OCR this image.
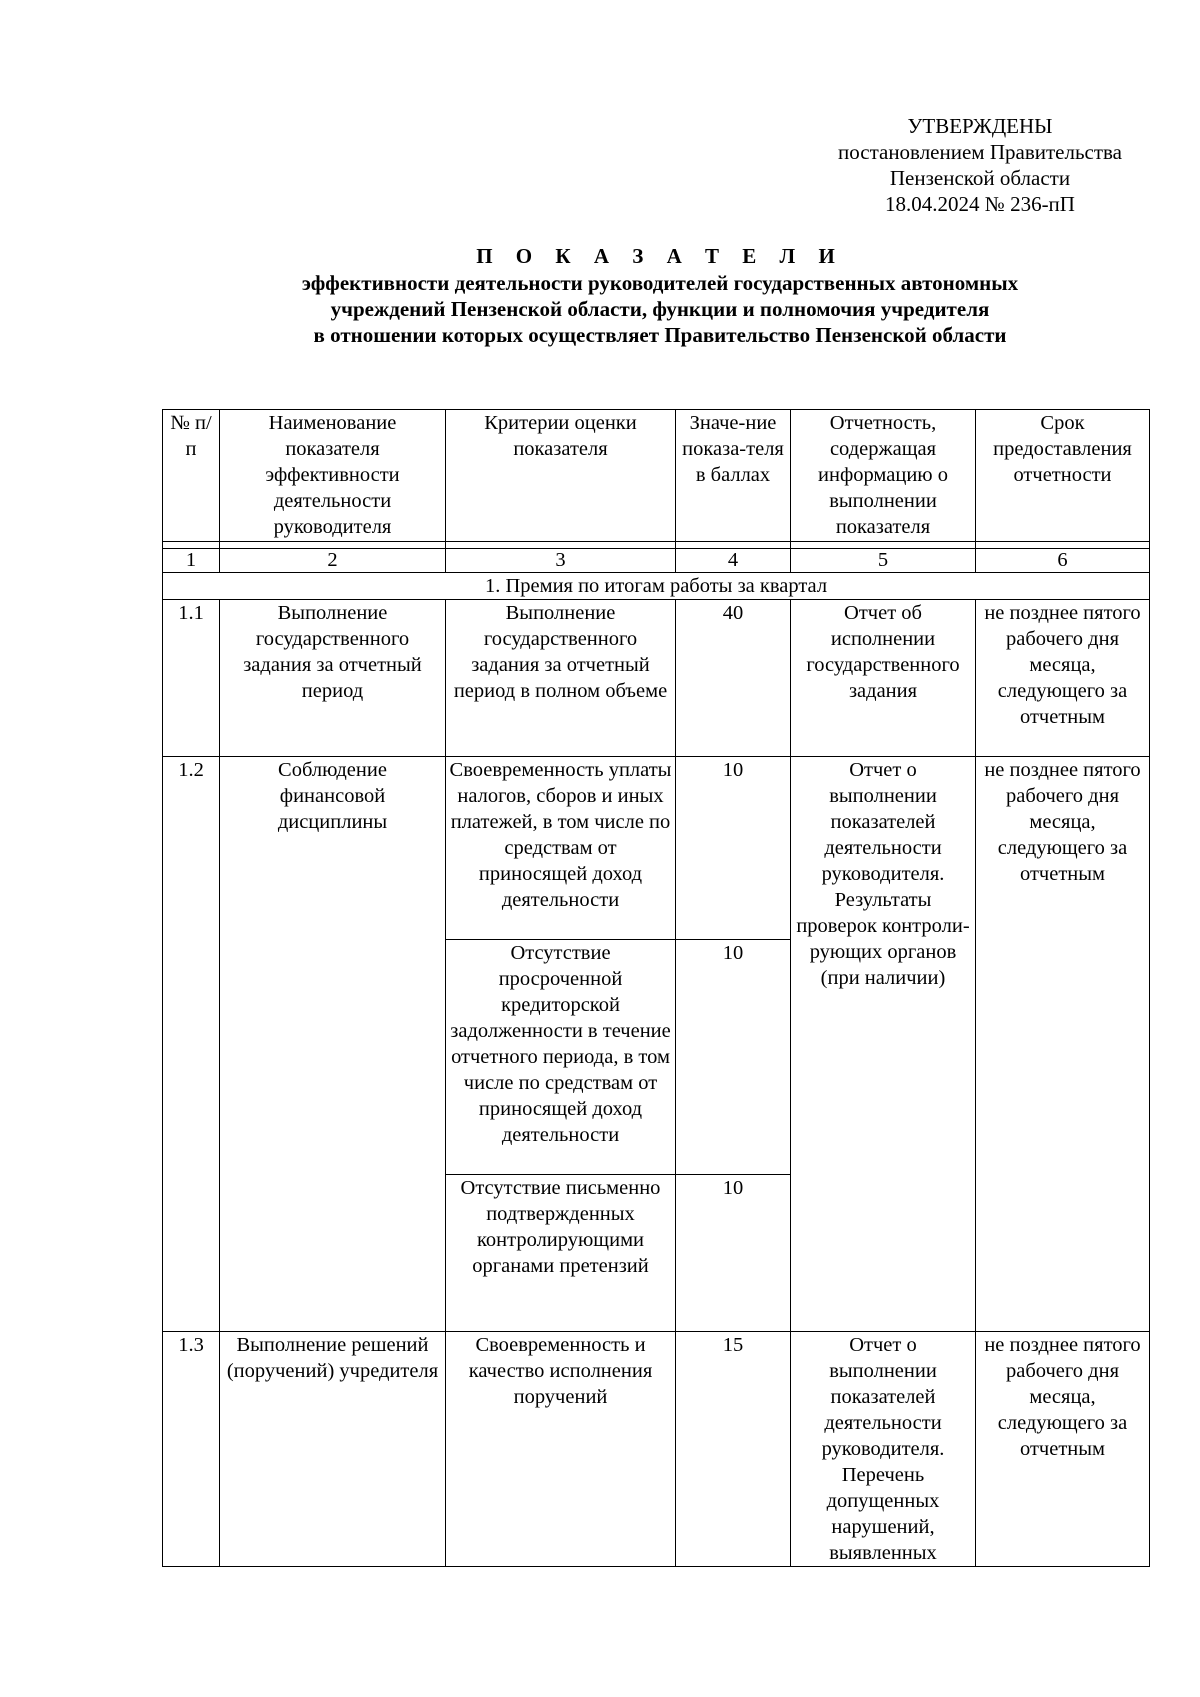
УТВЕРЖДЕНЫ
постановлением Правительства
Пензенской области
18.04.2024 № 236-пП
П О К А З А Т Е Л И
эффективности деятельности руководителей государственных автономных
учреждений Пензенской области, функции и полномочия учредителя
в отношении которых осуществляет Правительство Пензенской области
№ п/п	Наименование показателя эффективности деятельности руководителя	Критерии оценки показателя	Значе-ние показа-теля в баллах	Отчетность, содержащая информацию о выполнении показателя	Срок предоставления отчетности

1	2	3	4	5	6
1. Премия по итогам работы за квартал					
1.1	Выполнение государственного задания за отчетный период	Выполнение государственного задания за отчетный период в полном объеме	40	Отчет об исполнении государственного задания	не позднее пятого рабочего дня месяца, следующего за отчетным
1.2	Соблюдение финансовой дисциплины	Своевременность уплаты налогов, сборов и иных платежей, в том числе по средствам от приносящей доход деятельности	10	Отчет о выполнении показателей деятельности руководителя. Результаты проверок контроли-рующих органов (при наличии)	не позднее пятого рабочего дня месяца, следующего за отчетным
		Отсутствие просроченной кредиторской задолженности в течение отчетного периода, в том числе по средствам от приносящей доход деятельности	10		
		Отсутствие письменно подтвержденных контролирующими органами претензий	10		
1.3	Выполнение решений (поручений) учредителя	Своевременность и качество исполнения поручений	15	Отчет о выполнении показателей деятельности руководителя. Перечень допущенных нарушений, выявленных	не позднее пятого рабочего дня месяца, следующего за отчетным
